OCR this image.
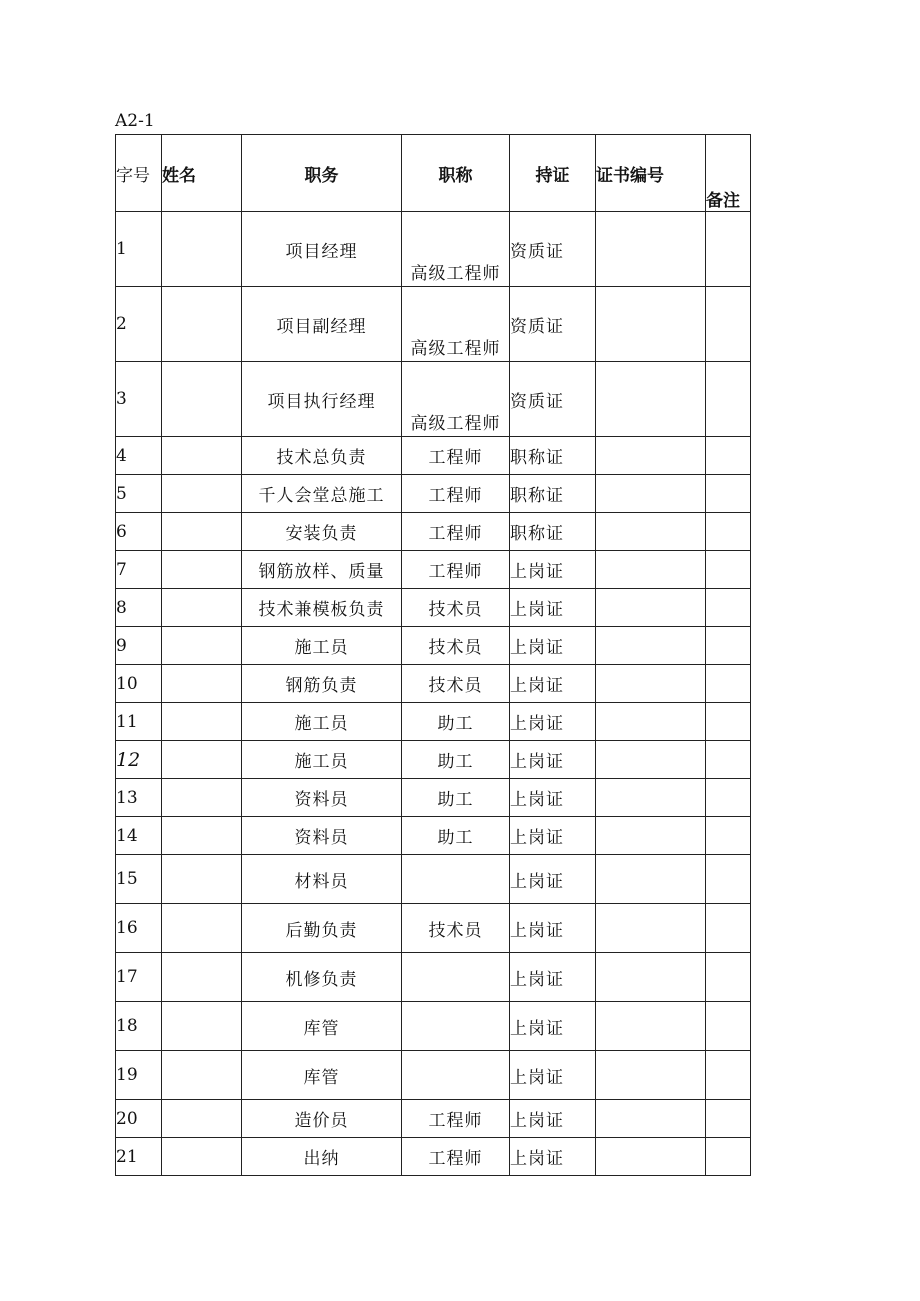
A2-1
字号	姓名	职务	职称	持证	证书编号	备注
1		项目经理	高级工程师	资质证		
2		项目副经理	高级工程师	资质证		
3		项目执行经理	高级工程师	资质证		
4		技术总负责	工程师	职称证		
5		千人会堂总施工	工程师	职称证		
6		安装负责	工程师	职称证		
7		钢筋放样、质量	工程师	上岗证		
8		技术兼模板负责	技术员	上岗证		
9		施工员	技术员	上岗证		
10		钢筋负责	技术员	上岗证		
11		施工员	助工	上岗证		
12		施工员	助工	上岗证		
13		资料员	助工	上岗证		
14		资料员	助工	上岗证		
15		材料员		上岗证		
16		后勤负责	技术员	上岗证		
17		机修负责		上岗证		
18		库管		上岗证		
19		库管		上岗证		
20		造价员	工程师	上岗证		
21		出纳	工程师	上岗证		
